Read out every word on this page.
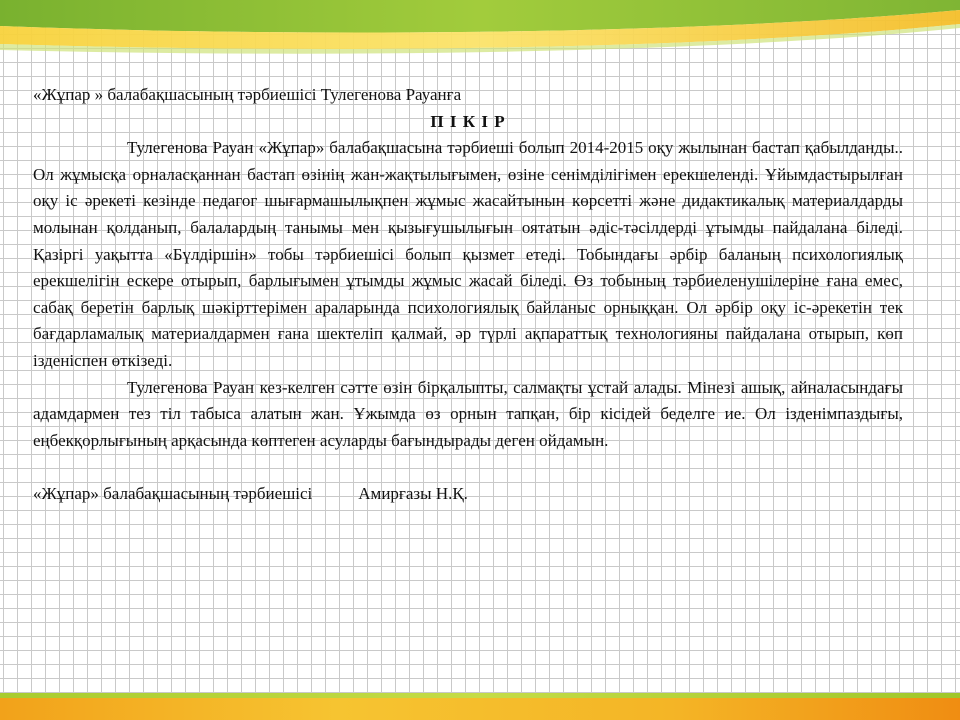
«Жұпар » балабақшасының тәрбиешісі Тулегенова Рауанға

П І К І Р

Тулегенова Рауан «Жұпар» балабақшасына тәрбиеші болып 2014-2015 оқу жылынан бастап қабылданды.. Ол жұмысқа орналасқаннан бастап өзінің жан-жақтылығымен, өзіне сенімділігімен ерекшеленді. Ұйымдастырылған оқу іс әрекеті кезінде педагог шығармашылықпен жұмыс жасайтынын көрсетті және дидактикалық материалдарды молынан қолданып, балалардың танымы мен қызығушылығын оятатын әдіс-тәсілдерді ұтымды пайдалана біледі. Қазіргі уақытта «Бүлдіршін» тобы тәрбиешісі болып қызмет етеді. Тобындағы әрбір баланың психологиялық ерекшелігін ескере отырып, барлығымен ұтымды жұмыс жасай біледі. Өз тобының тәрбиеленушілеріне ғана емес, сабақ беретін барлық шәкірттерімен араларында психологиялық байланыс орныққан. Ол әрбір оқу іс-әрекетін тек бағдарламалық материалдармен ғана шектеліп қалмай, әр түрлі ақпараттық технологияны пайдалана отырып, көп ізденіспен өткізеді.

Тулегенова Рауан кез-келген сәтте өзін бірқалыпты, салмақты ұстай алады. Мінезі ашық, айналасындағы адамдармен тез тіл табыса алатын жан. Ұжымда өз орнын тапқан, бір кісідей беделге ие. Ол ізденімпаздығы, еңбекқорлығының арқасында көптеген асуларды бағындырады деген ойдамын.

«Жұпар» балабақшасының тәрбиешісі	Амирғазы Н.Қ.
